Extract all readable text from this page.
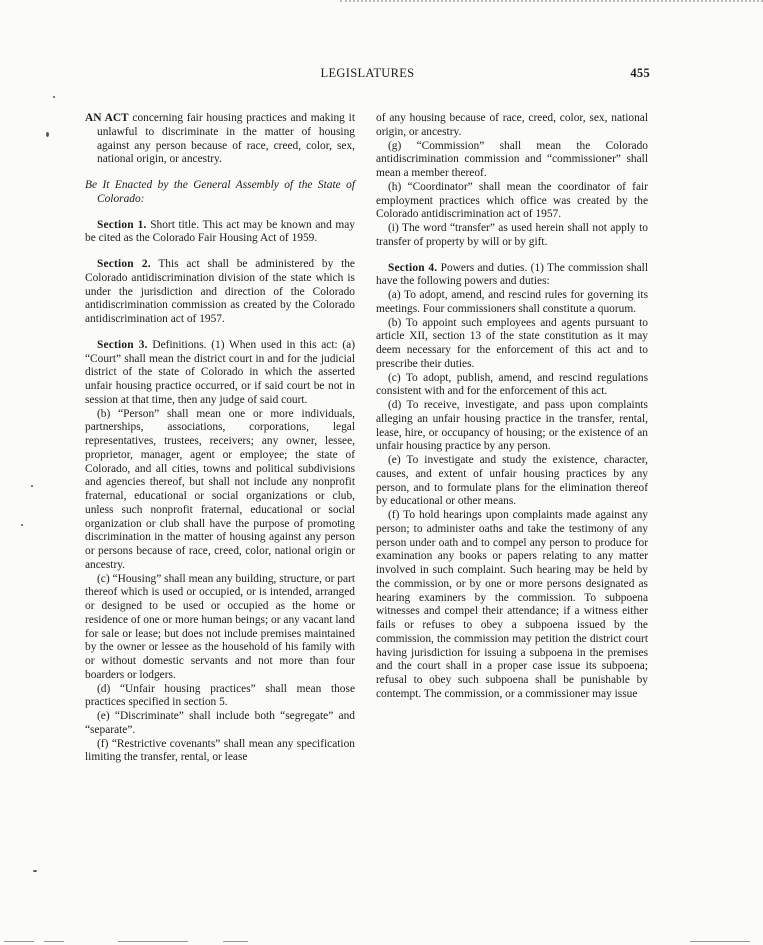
LEGISLATURES	455

AN ACT concerning fair housing practices and making it unlawful to discriminate in the matter of housing against any person because of race, creed, color, sex, national origin, or ancestry.

Be It Enacted by the General Assembly of the State of Colorado:

Section 1. Short title. This act may be known and may be cited as the Colorado Fair Housing Act of 1959.

Section 2. This act shall be administered by the Colorado antidiscrimination division of the state which is under the jurisdiction and direction of the Colorado antidiscrimination commission as created by the Colorado antidiscrimination act of 1957.

Section 3. Definitions. (1) When used in this act: (a) “Court” shall mean the district court in and for the judicial district of the state of Colorado in which the asserted unfair housing practice occurred, or if said court be not in session at that time, then any judge of said court.

(b) “Person” shall mean one or more individuals, partnerships, associations, corporations, legal representatives, trustees, receivers; any owner, lessee, proprietor, manager, agent or employee; the state of Colorado, and all cities, towns and political subdivisions and agencies thereof, but shall not include any nonprofit fraternal, educational or social organizations or club, unless such nonprofit fraternal, educational or social organization or club shall have the purpose of promoting discrimination in the matter of housing against any person or persons because of race, creed, color, national origin or ancestry.

(c) “Housing” shall mean any building, structure, or part thereof which is used or occupied, or is intended, arranged or designed to be used or occupied as the home or residence of one or more human beings; or any vacant land for sale or lease; but does not include premises maintained by the owner or lessee as the household of his family with or without domestic servants and not more than four boarders or lodgers.

(d) “Unfair housing practices” shall mean those practices specified in section 5.

(e) “Discriminate” shall include both “segregate” and “separate”.

(f) “Restrictive covenants” shall mean any specification limiting the transfer, rental, or lease

of any housing because of race, creed, color, sex, national origin, or ancestry.

(g) “Commission” shall mean the Colorado antidiscrimination commission and “commissioner” shall mean a member thereof.

(h) “Coordinator” shall mean the coordinator of fair employment practices which office was created by the Colorado antidiscrimination act of 1957.

(i) The word “transfer” as used herein shall not apply to transfer of property by will or by gift.

Section 4. Powers and duties. (1) The commission shall have the following powers and duties:

(a) To adopt, amend, and rescind rules for governing its meetings. Four commissioners shall constitute a quorum.

(b) To appoint such employees and agents pursuant to article XII, section 13 of the state constitution as it may deem necessary for the enforcement of this act and to prescribe their duties.

(c) To adopt, publish, amend, and rescind regulations consistent with and for the enforcement of this act.

(d) To receive, investigate, and pass upon complaints alleging an unfair housing practice in the transfer, rental, lease, hire, or occupancy of housing; or the existence of an unfair housing practice by any person.

(e) To investigate and study the existence, character, causes, and extent of unfair housing practices by any person, and to formulate plans for the elimination thereof by educational or other means.

(f) To hold hearings upon complaints made against any person; to administer oaths and take the testimony of any person under oath and to compel any person to produce for examination any books or papers relating to any matter involved in such complaint. Such hearing may be held by the commission, or by one or more persons designated as hearing examiners by the commission. To subpoena witnesses and compel their attendance; if a witness either fails or refuses to obey a subpoena issued by the commission, the commission may petition the district court having jurisdiction for issuing a subpoena in the premises and the court shall in a proper case issue its subpoena; refusal to obey such subpoena shall be punishable by contempt. The commission, or a commissioner may issue
